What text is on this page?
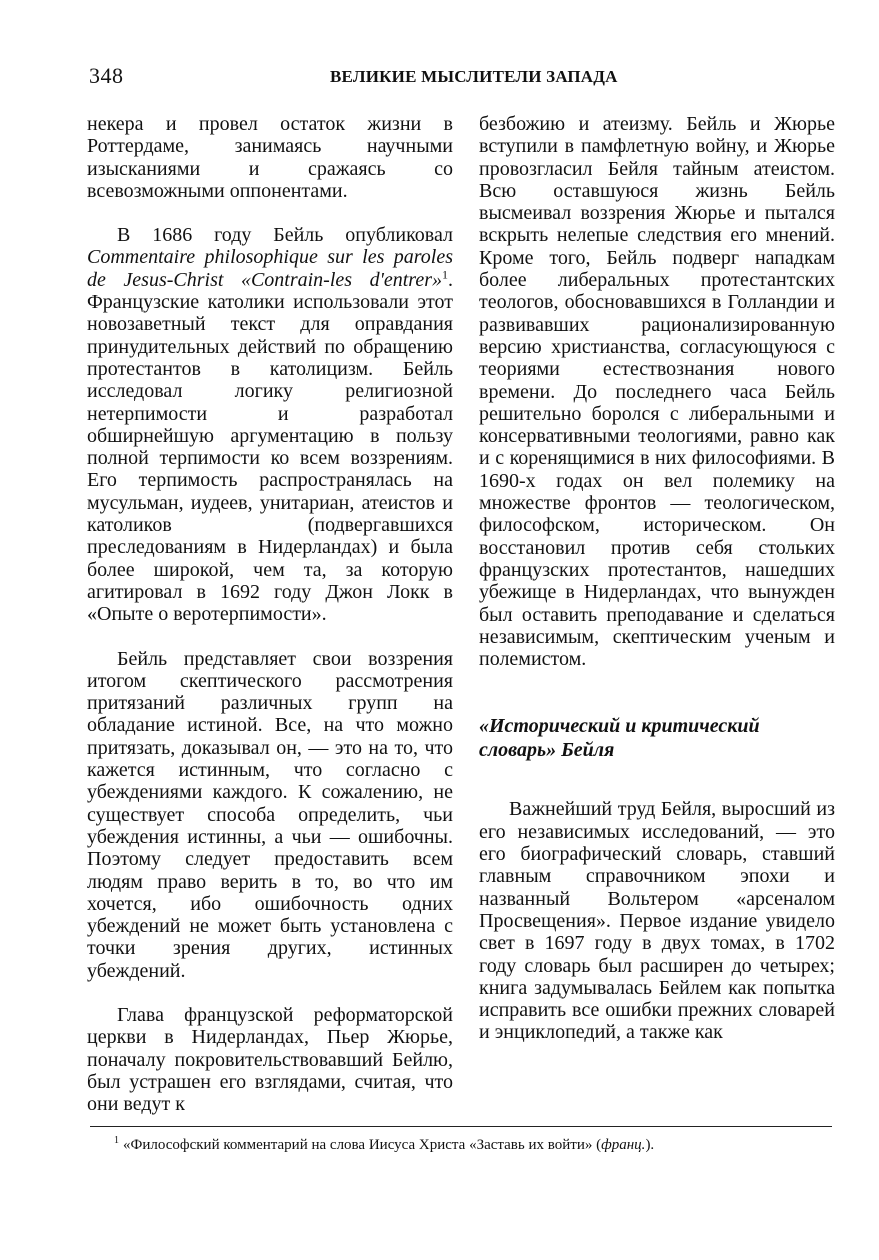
348	ВЕЛИКИЕ МЫСЛИТЕЛИ ЗАПАДА

некера и провел остаток жизни в Роттердаме, занимаясь научными изысканиями и сражаясь со всевозможными оппонентами.

В 1686 году Бейль опубликовал Commentaire philosophique sur les paroles de Jesus-Christ «Contrain-les d'entrer»$^1$. Французские католики использовали этот новозаветный текст для оправдания принудительных действий по обращению протестантов в католицизм. Бейль исследовал логику религиозной нетерпимости и разработал обширнейшую аргументацию в пользу полной терпимости ко всем воззрениям. Его терпимость распространялась на мусульман, иудеев, унитариан, атеистов и католиков (подвергавшихся преследованиям в Нидерландах) и была более широкой, чем та, за которую агитировал в 1692 году Джон Локк в «Опыте о веротерпимости».

Бейль представляет свои воззрения итогом скептического рассмотрения притязаний различных групп на обладание истиной. Все, на что можно притязать, доказывал он, — это на то, что кажется истинным, что согласно с убеждениями каждого. К сожалению, не существует способа определить, чьи убеждения истинны, а чьи — ошибочны. Поэтому следует предоставить всем людям право верить в то, во что им хочется, ибо ошибочность одних убеждений не может быть установлена с точки зрения других, истинных убеждений.

Глава французской реформаторской церкви в Нидерландах, Пьер Жюрье, поначалу покровительствовавший Бейлю, был устрашен его взглядами, считая, что они ведут к

безбожию и атеизму. Бейль и Жюрье вступили в памфлетную войну, и Жюрье провозгласил Бейля тайным атеистом. Всю оставшуюся жизнь Бейль высмеивал воззрения Жюрье и пытался вскрыть нелепые следствия его мнений. Кроме того, Бейль подверг нападкам более либеральных протестантских теологов, обосновавшихся в Голландии и развивавших рационализированную версию христианства, согласующуюся с теориями естествознания нового времени. До последнего часа Бейль решительно боролся с либеральными и консервативными теологиями, равно как и с коренящимися в них философиями. В 1690-х годах он вел полемику на множестве фронтов — теологическом, философском, историческом. Он восстановил против себя стольких французских протестантов, нашедших убежище в Нидерландах, что вынужден был оставить преподавание и сделаться независимым, скептическим ученым и полемистом.

«Исторический и критический словарь» Бейля

Важнейший труд Бейля, выросший из его независимых исследований, — это его биографический словарь, ставший главным справочником эпохи и названный Вольтером «арсеналом Просвещения». Первое издание увидело свет в 1697 году в двух томах, в 1702 году словарь был расширен до четырех; книга задумывалась Бейлем как попытка исправить все ошибки прежних словарей и энциклопедий, а также как

$^1$ «Философский комментарий на слова Иисуса Христа «Заставь их войти» (франц.).
